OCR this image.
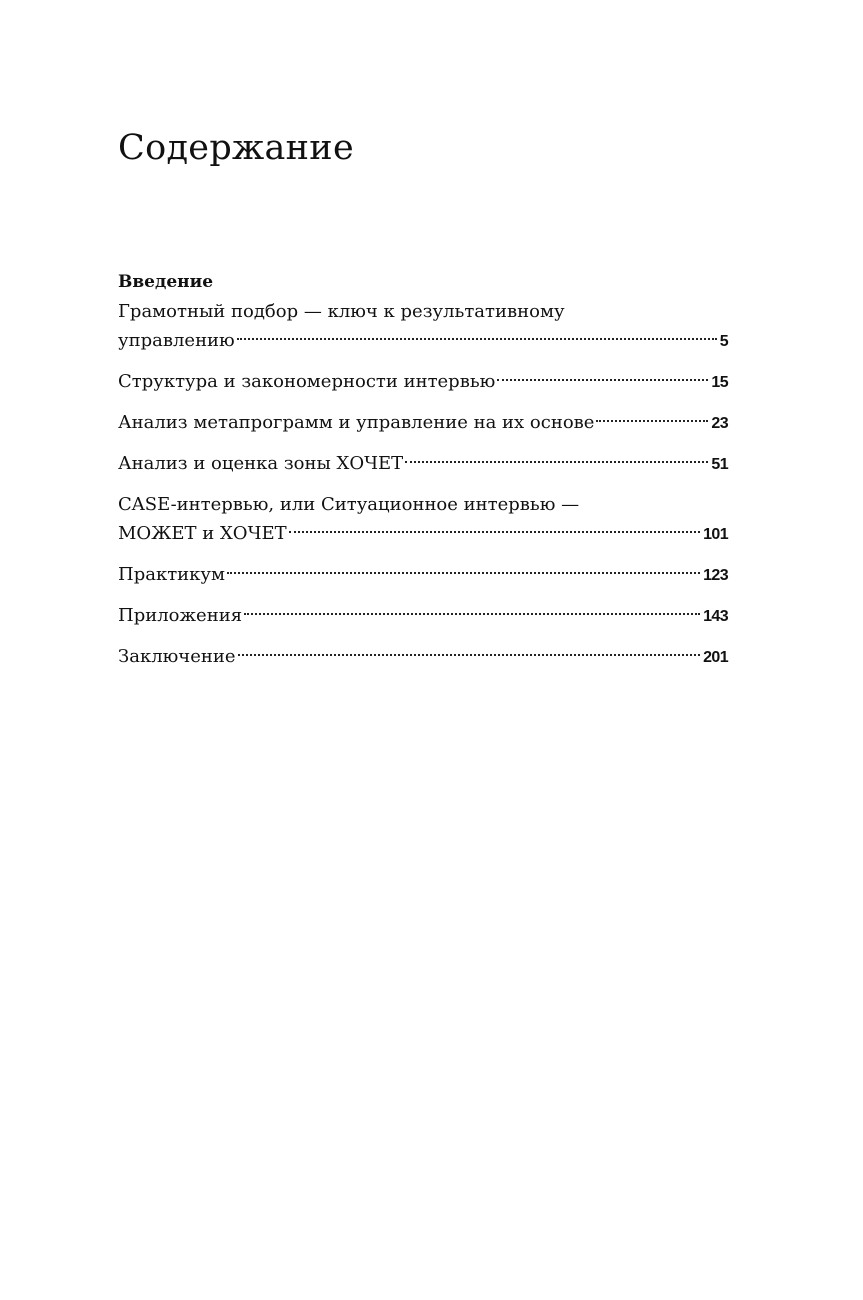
Содержание
Введение
Грамотный подбор — ключ к результативному
управлению	5
Структура и закономерности интервью	15
Анализ метапрограмм и управление на их основе	23
Анализ и оценка зоны ХОЧЕТ	51
CASE-интервью, или Ситуационное интервью —
МОЖЕТ и ХОЧЕТ	101
Практикум	123
Приложения	143
Заключение	201
